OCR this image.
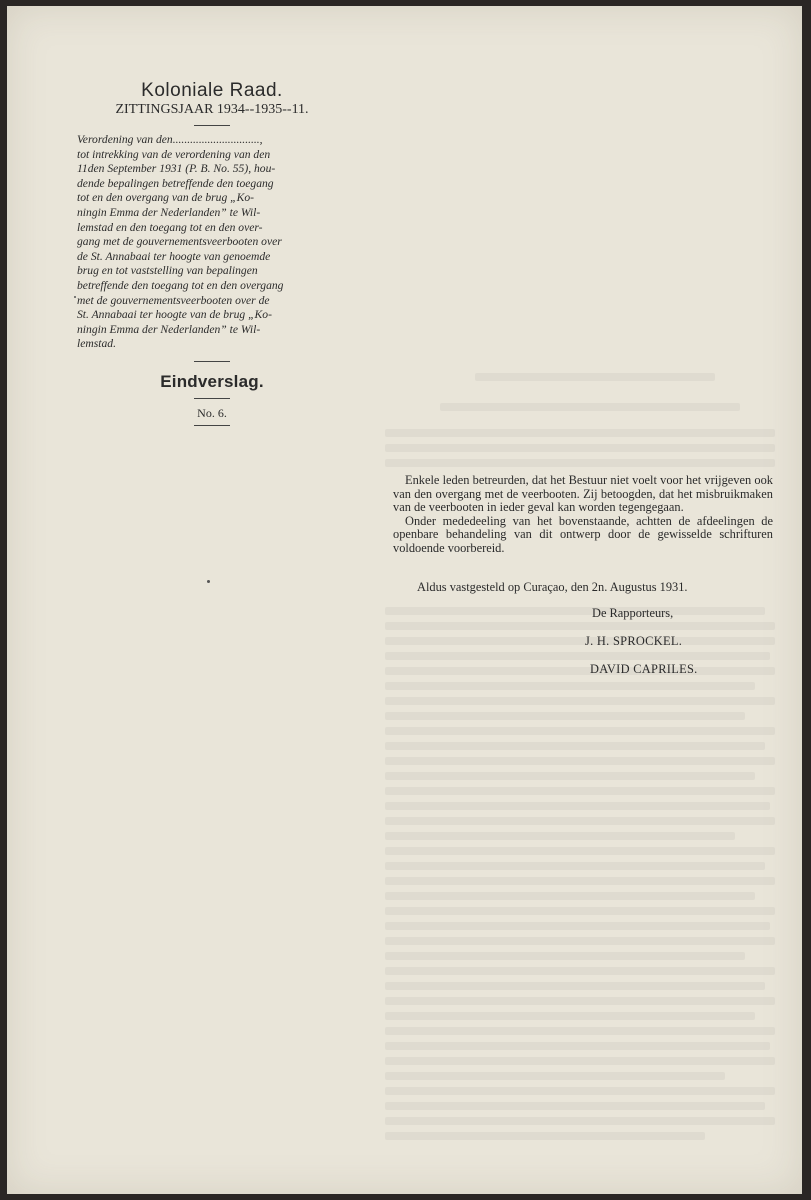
Koloniale Raad.
ZITTINGSJAAR 1934--1935--11.
Verordening van den..............................,
tot intrekking van de verordening van den
11den September 1931 (P. B. No. 55), hou-
dende bepalingen betreffende den toegang
tot en den overgang van de brug „Ko-
ningin Emma der Nederlanden” te Wil-
lemstad en den toegang tot en den over-
gang met de gouvernementsveerbooten over
de St. Annabaai ter hoogte van genoemde
brug en tot vaststelling van bepalingen
betreffende den toegang tot en den overgang
met de gouvernementsveerbooten over de
St. Annabaai ter hoogte van de brug „Ko-
ningin Emma der Nederlanden” te Wil-
lemstad.
Eindverslag.
No. 6.

Enkele leden betreurden, dat het Bestuur niet voelt voor het vrijgeven ook van den overgang met de veerbooten. Zij betoogden, dat het misbruikmaken van de veerbooten in ieder geval kan worden tegengegaan.

Onder mededeeling van het bovenstaande, achtten de afdeelingen de openbare behandeling van dit ontwerp door de gewisselde schrifturen voldoende voorbereid.

Aldus vastgesteld op Curaçao, den 2n. Augustus 1931.
De Rapporteurs,
J. H. SPROCKEL.
DAVID CAPRILES.
